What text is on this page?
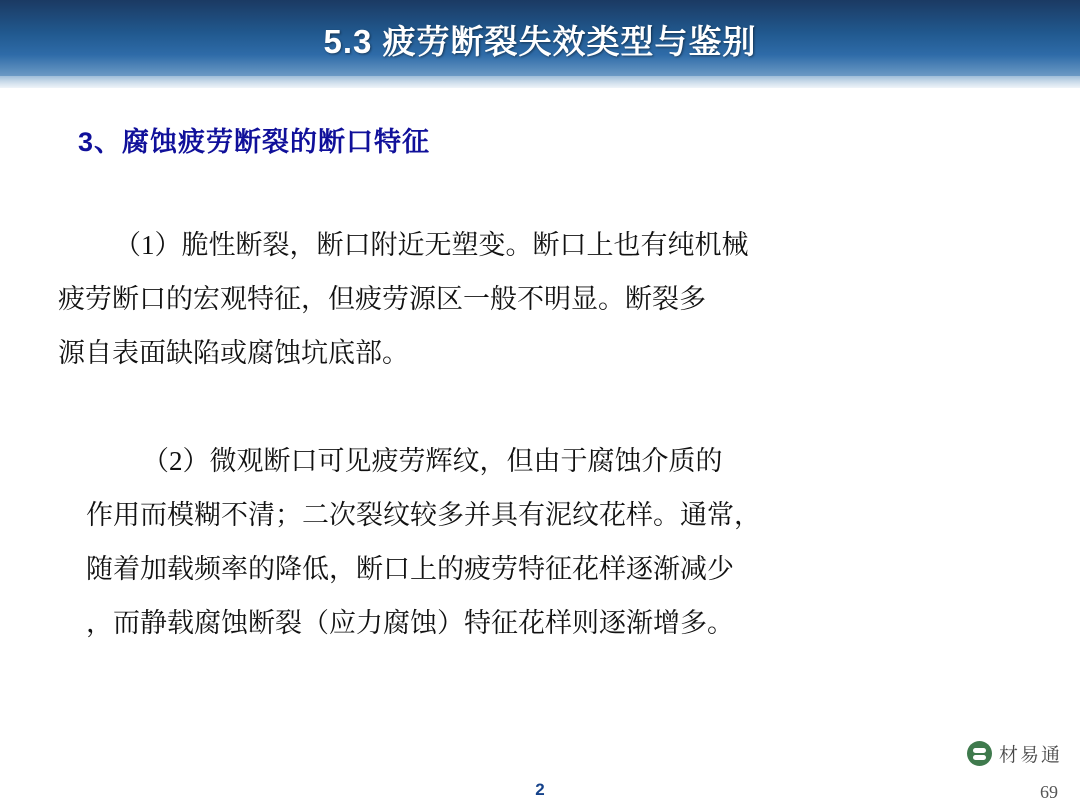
5.3 疲劳断裂失效类型与鉴别
3、腐蚀疲劳断裂的断口特征
（1）脆性断裂，断口附近无塑变。断口上也有纯机械
疲劳断口的宏观特征，但疲劳源区一般不明显。断裂多
源自表面缺陷或腐蚀坑底部。
（2）微观断口可见疲劳辉纹，但由于腐蚀介质的
作用而模糊不清；二次裂纹较多并具有泥纹花样。通常，
随着加载频率的降低，断口上的疲劳特征花样逐渐减少
，而静载腐蚀断裂（应力腐蚀）特征花样则逐渐增多。
材易通
2	69
